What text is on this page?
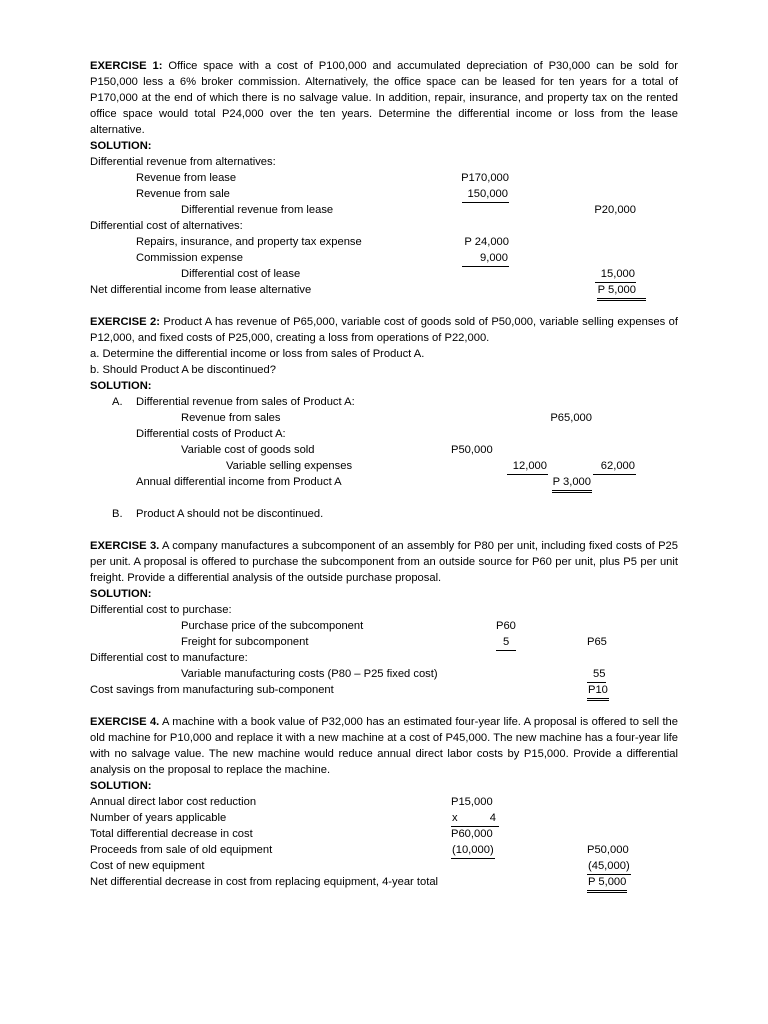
EXERCISE 1: Office space with a cost of P100,000 and accumulated depreciation of P30,000 can be sold for P150,000 less a 6% broker commission. Alternatively, the office space can be leased for ten years for a total of P170,000 at the end of which there is no salvage value. In addition, repair, insurance, and property tax on the rented office space would total P24,000 over the ten years. Determine the differential income or loss from the lease alternative.

SOLUTION:

Differential revenue from alternatives:
Revenue from lease	P170,000
Revenue from sale	150,000
Differential revenue from lease	P20,000
Differential cost of alternatives:
Repairs, insurance, and property tax expense	P 24,000
Commission expense	9,000
Differential cost of lease	15,000
Net differential income from lease alternative	P 5,000

EXERCISE 2: Product A has revenue of P65,000, variable cost of goods sold of P50,000, variable selling expenses of P12,000, and fixed costs of P25,000, creating a loss from operations of P22,000.

a. Determine the differential income or loss from sales of Product A.

b. Should Product A be discontinued?

SOLUTION:

A. Differential revenue from sales of Product A:
Revenue from sales	P65,000
Differential costs of Product A:
Variable cost of goods sold	P50,000
Variable selling expenses	12,000	62,000
Annual differential income from Product A	P 3,000
B. Product A should not be discontinued.

EXERCISE 3. A company manufactures a subcomponent of an assembly for P80 per unit, including fixed costs of P25 per unit. A proposal is offered to purchase the subcomponent from an outside source for P60 per unit, plus P5 per unit freight. Provide a differential analysis of the outside purchase proposal.

SOLUTION:

Differential cost to purchase:
Purchase price of the subcomponent	P60
Freight for subcomponent	5	P65
Differential cost to manufacture:
Variable manufacturing costs (P80 – P25 fixed cost)	55
Cost savings from manufacturing sub-component	P10

EXERCISE 4. A machine with a book value of P32,000 has an estimated four-year life. A proposal is offered to sell the old machine for P10,000 and replace it with a new machine at a cost of P45,000. The new machine has a four-year life with no salvage value. The new machine would reduce annual direct labor costs by P15,000. Provide a differential analysis on the proposal to replace the machine.

SOLUTION:

Annual direct labor cost reduction	P15,000
Number of years applicable	x	4
Total differential decrease in cost	P60,000
Proceeds from sale of old equipment	(10,000)	P50,000
Cost of new equipment	(45,000)
Net differential decrease in cost from replacing equipment, 4-year total	P 5,000
